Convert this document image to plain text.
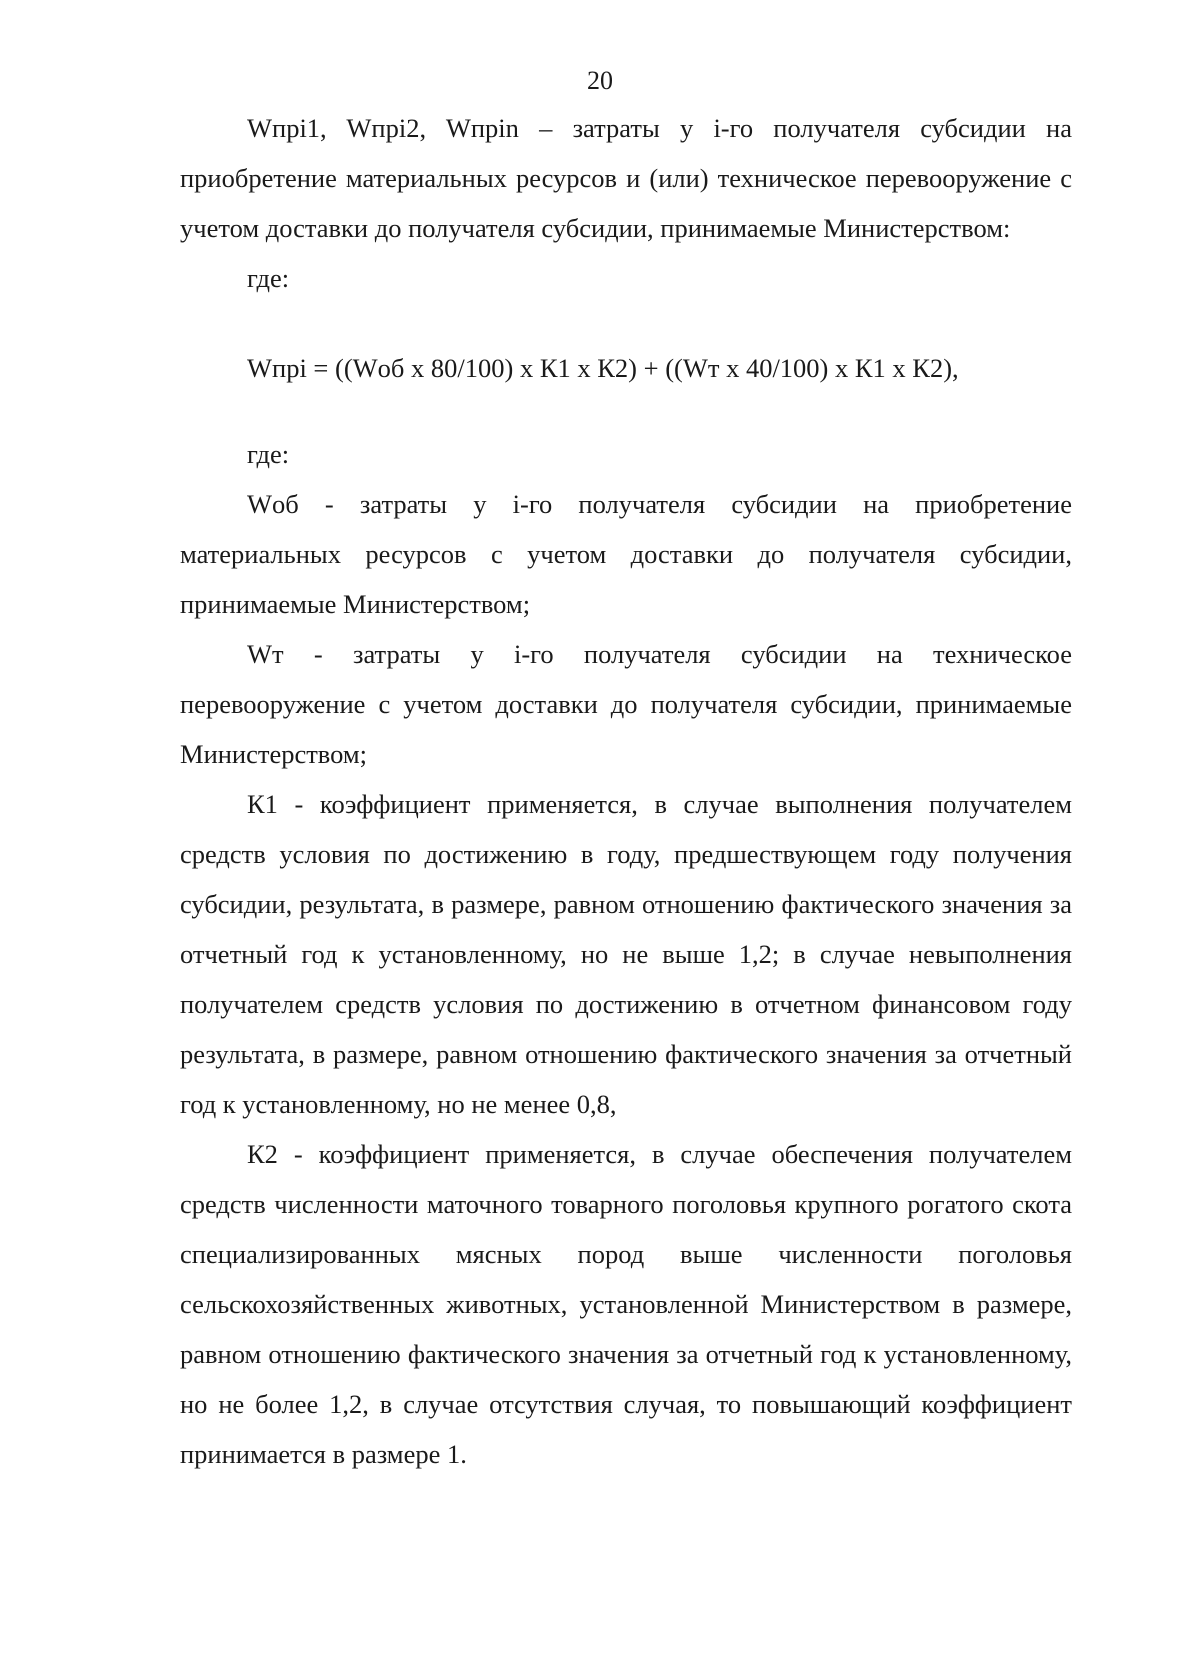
20

Wпрi1, Wпрi2, Wпрin – затраты у i-го получателя субсидии на приобретение материальных ресурсов и (или) техническое перевооружение с учетом доставки до получателя субсидии, принимаемые Министерством:

где:

Wпрi = ((Wоб х 80/100) х К1 х К2) + ((Wт х 40/100) х К1 х К2),

где:

Wоб - затраты у i-го получателя субсидии на приобретение материальных ресурсов с учетом доставки до получателя субсидии, принимаемые Министерством;

Wт - затраты у i-го получателя субсидии на техническое перевооружение с учетом доставки до получателя субсидии, принимаемые Министерством;

К1 - коэффициент применяется, в случае выполнения получателем средств условия по достижению в году, предшествующем году получения субсидии, результата, в размере, равном отношению фактического значения за отчетный год к установленному, но не выше 1,2; в случае невыполнения получателем средств условия по достижению в отчетном финансовом году результата, в размере, равном отношению фактического значения за отчетный год к установленному, но не менее 0,8,

К2 - коэффициент применяется, в случае обеспечения получателем средств численности маточного товарного поголовья крупного рогатого скота специализированных мясных пород выше численности поголовья сельскохозяйственных животных, установленной Министерством в размере, равном отношению фактического значения за отчетный год к установленному, но не более 1,2, в случае отсутствия случая, то повышающий коэффициент принимается в размере 1.
